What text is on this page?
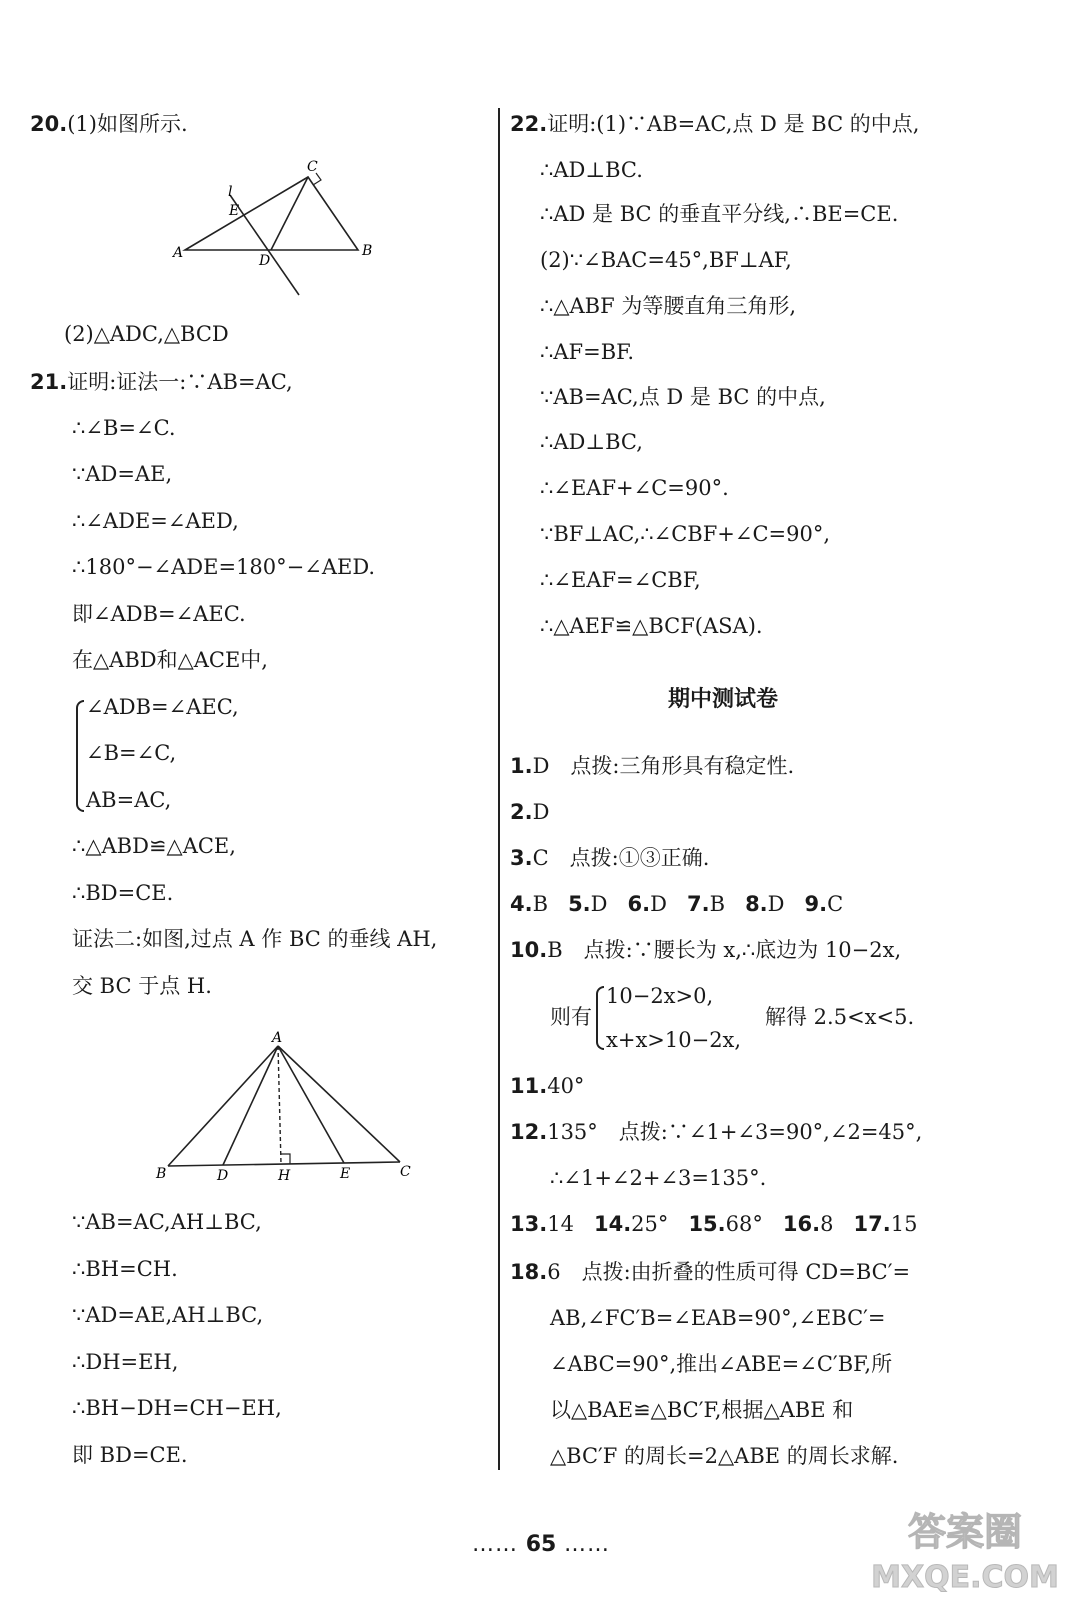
20.(1)如图所示.
C
l
E
A	D
B
(2)△ADC,△BCD
21.证明:证法一:∵AB=AC,
∴∠B=∠C.
∵AD=AE,
∴∠ADE=∠AED,
∴180°−∠ADE=180°−∠AED.
即∠ADB=∠AEC.
在△ABD和△ACE中,
∠ADB=∠AEC,
∠B=∠C,
AB=AC,
∴△ABD≌△ACE,
∴BD=CE.
证法二:如图,过点 A 作 BC 的垂线 AH,
交 BC 于点 H.
A
B	D	H	E	C
∵AB=AC,AH⊥BC,
∴BH=CH.
∵AD=AE,AH⊥BC,
∴DH=EH,
∴BH−DH=CH−EH,
即 BD=CE.
22.证明:(1)∵AB=AC,点 D 是 BC 的中点,
∴AD⊥BC.
∴AD 是 BC 的垂直平分线,∴BE=CE.
(2)∵∠BAC=45°,BF⊥AF,
∴△ABF 为等腰直角三角形,
∴AF=BF.
∵AB=AC,点 D 是 BC 的中点,
∴AD⊥BC,
∴∠EAF+∠C=90°.
∵BF⊥AC,∴∠CBF+∠C=90°,
∴∠EAF=∠CBF,
∴△AEF≌△BCF(ASA).
期中测试卷
1.D　点拨:三角形具有稳定性.
2.D
3.C　点拨:①③正确.
4.B 5.D 6.D 7.B 8.D 9.C
10.B　点拨:∵腰长为 x,∴底边为 10−2x,
则有
10−2x>0,
x+x>10−2x,
解得 2.5<x<5.
11.40°
12.135°　点拨:∵∠1+∠3=90°,∠2=45°,
∴∠1+∠2+∠3=135°.
13.14 14.25° 15.68° 16.8 17.15
18.6　点拨:由折叠的性质可得 CD=BC′=
AB,∠FC′B=∠EAB=90°,∠EBC′=
∠ABC=90°,推出∠ABE=∠C′BF,所
以△BAE≌△BC′F,根据△ABE 和
△BC′F 的周长=2△ABE 的周长求解.
…… 65 ……	答案圈
MXQE.COM
